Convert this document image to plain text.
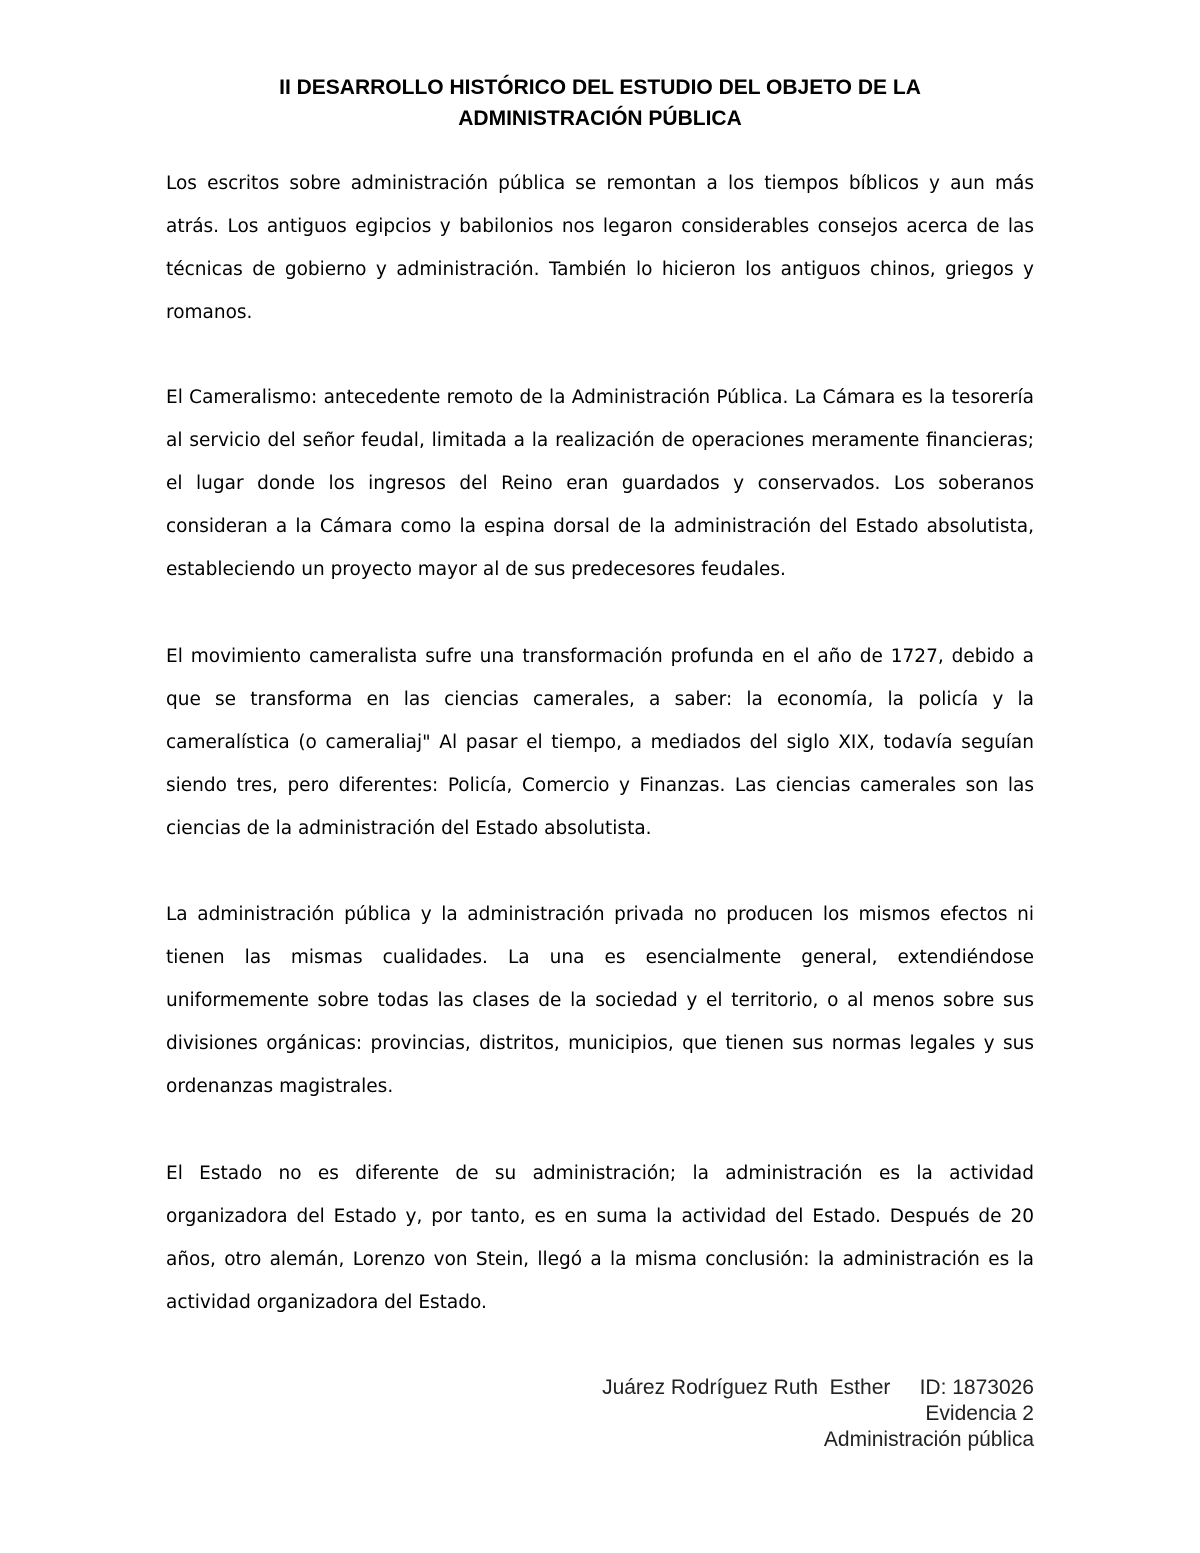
II DESARROLLO HISTÓRICO DEL ESTUDIO DEL OBJETO DE LA
ADMINISTRACIÓN PÚBLICA

Los escritos sobre administración pública se remontan a los tiempos bíblicos y aun más atrás. Los antiguos egipcios y babilonios nos legaron considerables consejos acerca de las técnicas de gobierno y administración. También lo hicieron los antiguos chinos, griegos y romanos.

El Cameralismo: antecedente remoto de la Administración Pública. La Cámara es la tesorería al servicio del señor feudal, limitada a la realización de operaciones meramente financieras; el lugar donde los ingresos del Reino eran guardados y conservados. Los soberanos consideran a la Cámara como la espina dorsal de la administración del Estado absolutista, estableciendo un proyecto mayor al de sus predecesores feudales.

El movimiento cameralista sufre una transformación profunda en el año de 1727, debido a que se transforma en las ciencias camerales, a saber: la economía, la policía y la cameralística (o cameraliaj" Al pasar el tiempo, a mediados del siglo XIX, todavía seguían siendo tres, pero diferentes: Policía, Comercio y Finanzas. Las ciencias camerales son las ciencias de la administración del Estado absolutista.

La administración pública y la administración privada no producen los mismos efectos ni tienen las mismas cualidades. La una es esencialmente general, extendiéndose uniformemente sobre todas las clases de la sociedad y el territorio, o al menos sobre sus divisiones orgánicas: provincias, distritos, municipios, que tienen sus normas legales y sus ordenanzas magistrales.

El Estado no es diferente de su administración; la administración es la actividad organizadora del Estado y, por tanto, es en suma la actividad del Estado. Después de 20 años, otro alemán, Lorenzo von Stein, llegó a la misma conclusión: la administración es la actividad organizadora del Estado.

Juárez Rodríguez Ruth  Esther ID: 1873026
Evidencia 2
Administración pública
